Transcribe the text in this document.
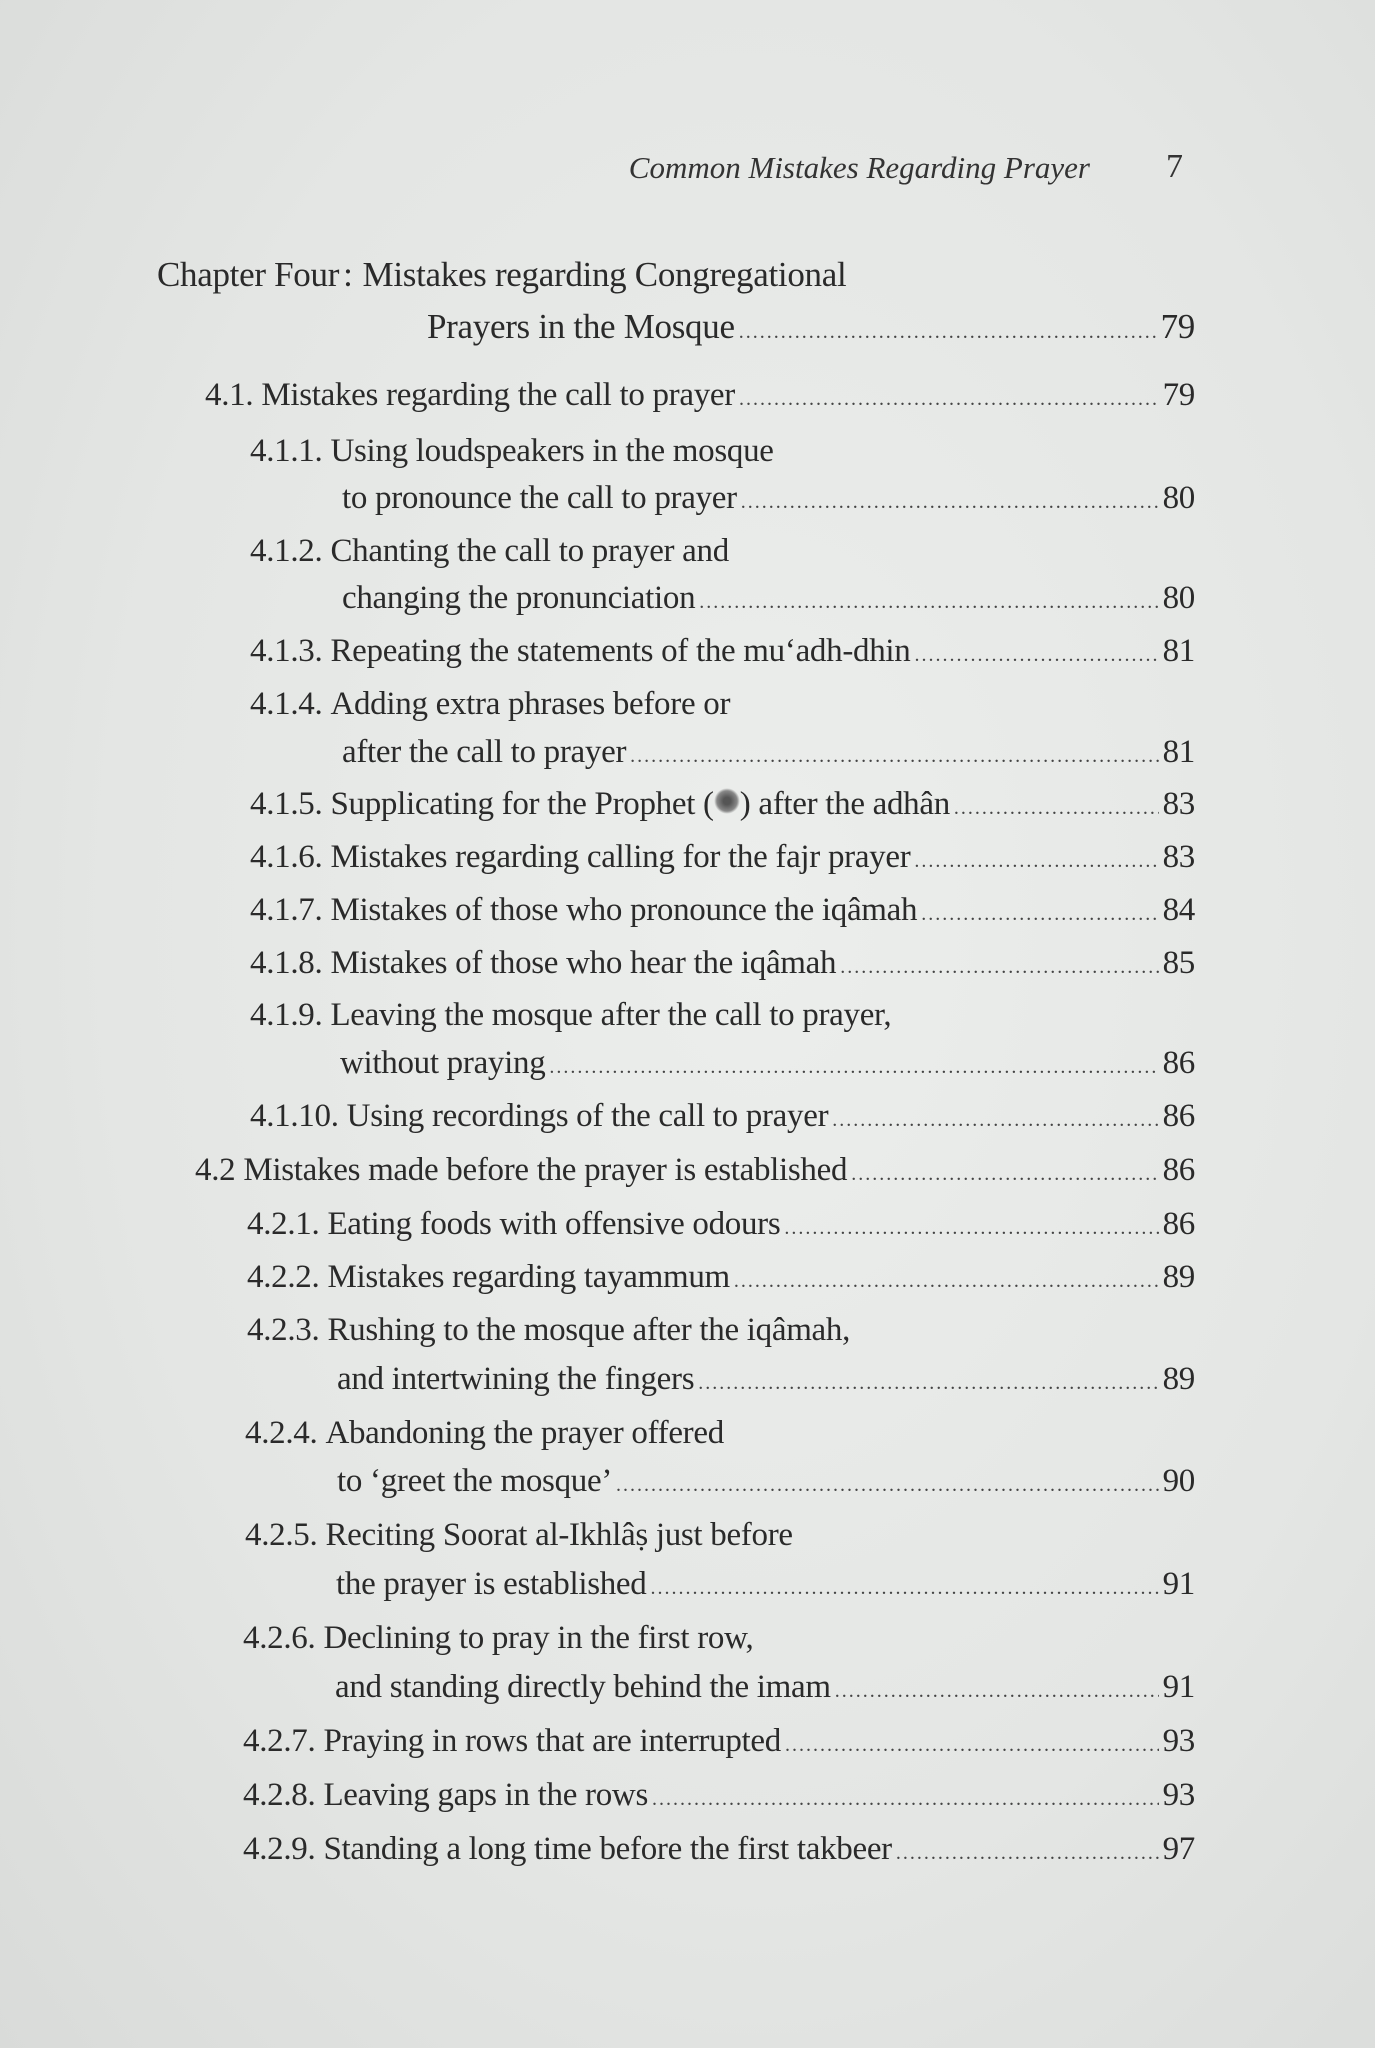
Common Mistakes Regarding Prayer 7
Chapter Four : Mistakes regarding Congregational
Prayers in the Mosque .....	79
4.1. Mistakes regarding the call to prayer .....	79
4.1.1. Using loudspeakers in the mosque
to pronounce the call to prayer .....	80
4.1.2. Chanting the call to prayer and
changing the pronunciation .....	80
4.1.3. Repeating the statements of the mu‘adh-dhin .....	81
4.1.4. Adding extra phrases before or
after the call to prayer .....	81
4.1.5. Supplicating for the Prophet ( ) after the adhân .....	83
4.1.6. Mistakes regarding calling for the fajr prayer .....	83
4.1.7. Mistakes of those who pronounce the iqâmah .....	84
4.1.8. Mistakes of those who hear the iqâmah .....	85
4.1.9. Leaving the mosque after the call to prayer,
without praying .....	86
4.1.10. Using recordings of the call to prayer .....	86
4.2 Mistakes made before the prayer is established .....	86
4.2.1. Eating foods with offensive odours .....	86
4.2.2. Mistakes regarding tayammum .....	89
4.2.3. Rushing to the mosque after the iqâmah,
and intertwining the fingers .....	89
4.2.4. Abandoning the prayer offered
to ‘greet the mosque’ .....	90
4.2.5. Reciting Soorat al-Ikhlâṣ just before
the prayer is established .....	91
4.2.6. Declining to pray in the first row,
and standing directly behind the imam .....	91
4.2.7. Praying in rows that are interrupted .....	93
4.2.8. Leaving gaps in the rows .....	93
4.2.9. Standing a long time before the first takbeer .....	97
